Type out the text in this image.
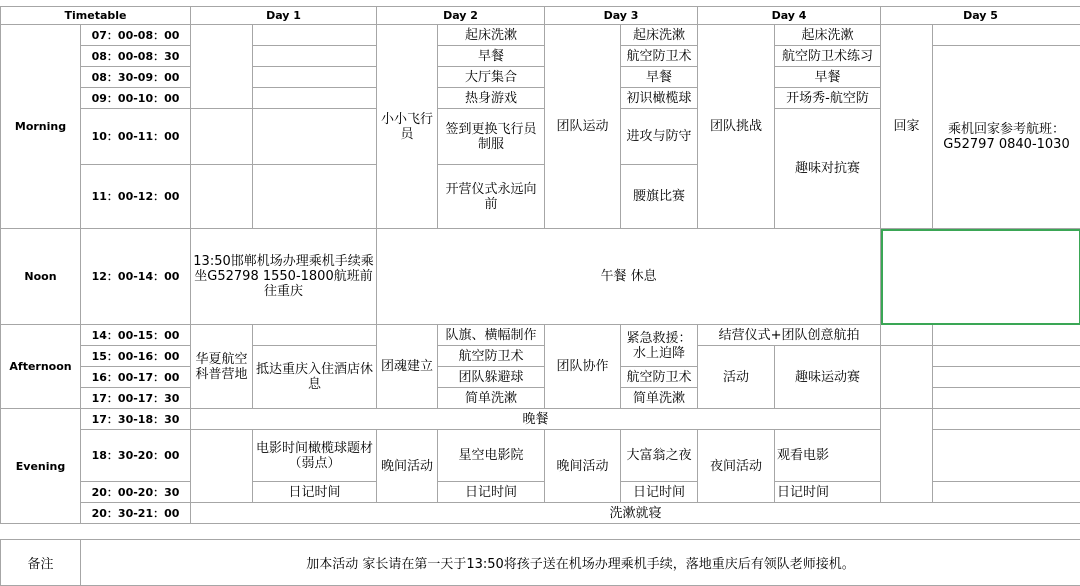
Timetable		Day 1		Day 2		Day 3		Day 4		Day 5	
Morning	07：00-08：00			小小飞行员	起床洗漱	团队运动	起床洗漱	团队挑战	起床洗漱	回家	
	08：00-08：30				早餐		航空防卫术		航空防卫术练习		乘机回家参考航班：G52797 0840-1030
	08：30-09：00				大厅集合		早餐		早餐		
	09：00-10：00				热身游戏		初识橄榄球		开场秀-航空防		
	10：00-11：00				签到更换飞行员制服		进攻与防守		趣味对抗赛		
	11：00-12：00				开营仪式永远向前		腰旗比赛				
Noon	12：00-14：00	13:50邯郸机场办理乘机手续乘坐G52798 1550-1800航班前往重庆		午餐 休息							
Afternoon	14：00-15：00	华夏航空科普营地		团魂建立	队旗、横幅制作	团队协作	紧急救援：水上迫降	结营仪式+团队创意航拍			
	15：00-16：00		抵达重庆入住酒店休息		航空防卫术			活动	趣味运动赛		
	16：00-17：00				团队躲避球		航空防卫术				
	17：00-17：30				简单洗漱		简单洗漱				
Evening	17：30-18：30	晚餐									
	18：30-20：00		电影时间橄榄球题材（弱点）	晚间活动	星空电影院	晚间活动	大富翁之夜	夜间活动	观看电影		
	20：00-20：30		日记时间		日记时间		日记时间		日记时间		
	20：30-21：00	洗漱就寝									
备注	加本活动 家长请在第一天于13:50将孩子送在机场办理乘机手续，落地重庆后有领队老师接机。
